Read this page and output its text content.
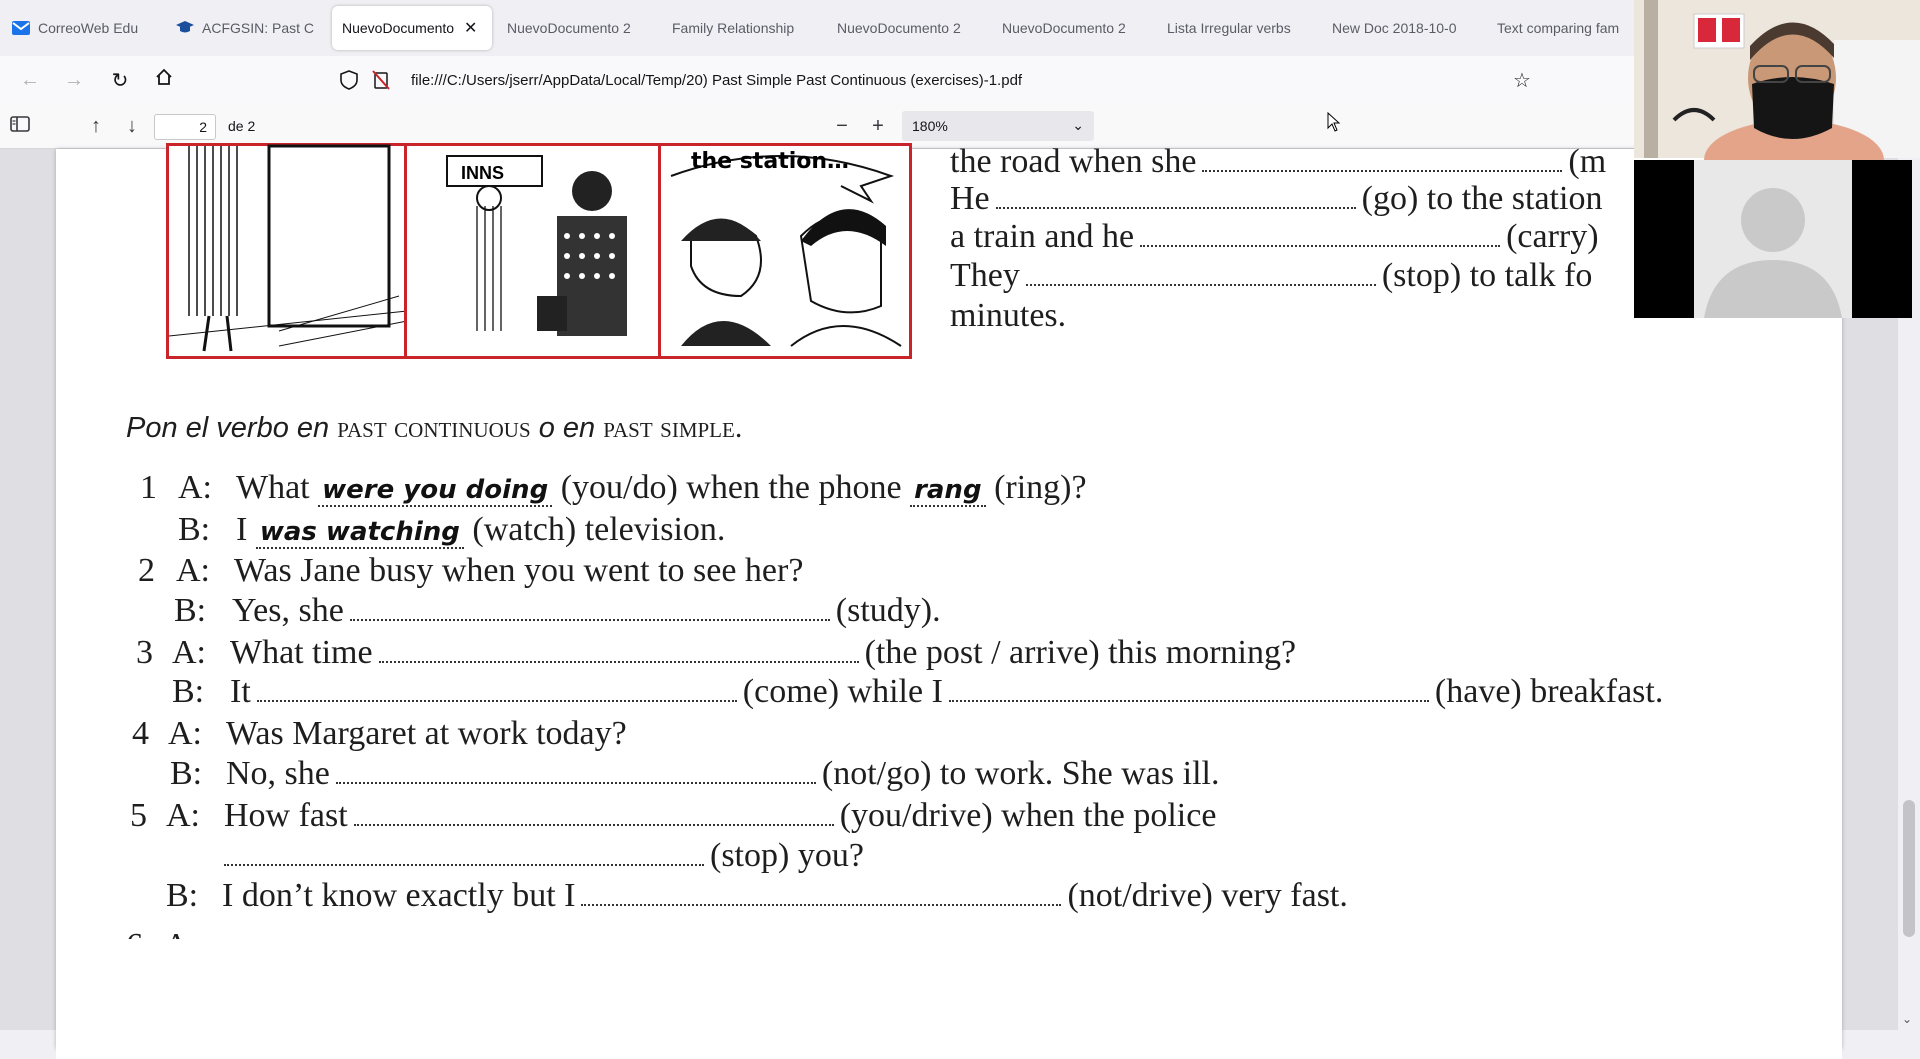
CorreoWeb Edu	ACFGSIN: Past C NuevoDocumento ✕ NuevoDocumento 2	Family Relationship	NuevoDocumento 2	NuevoDocumento 2	Lista Irregular verbs	New Doc 2018-10-0	Text comparing fam
← → ↻	file:///C:/Users/jserr/AppData/Local/Temp/20) Past Simple Past Continuous (exercises)-1.pdf	☆
↑ ↓	2	de 2	− + 180%	⌄
INNS	the station…	the road when she	(m
He	(go) to the station
a train and he	(carry)
They	(stop) to talk fo
minutes.
Pon el verbo en past continuous o en past simple.
1 A: What were you doing (you/do) when the phone rang (ring)?
B: I was watching (watch) television.
2 A: Was Jane busy when you went to see her?
B: Yes, she	(study).
3 A: What time	(the post / arrive) this morning?
B: It	(come) while I	(have) breakfast.
4 A: Was Margaret at work today?
B: No, she	(not/go) to work. She was ill.
5 A: How fast	(you/drive) when the police
(stop) you?
B: I don’t know exactly but I	(not/drive) very fast.
⌄
